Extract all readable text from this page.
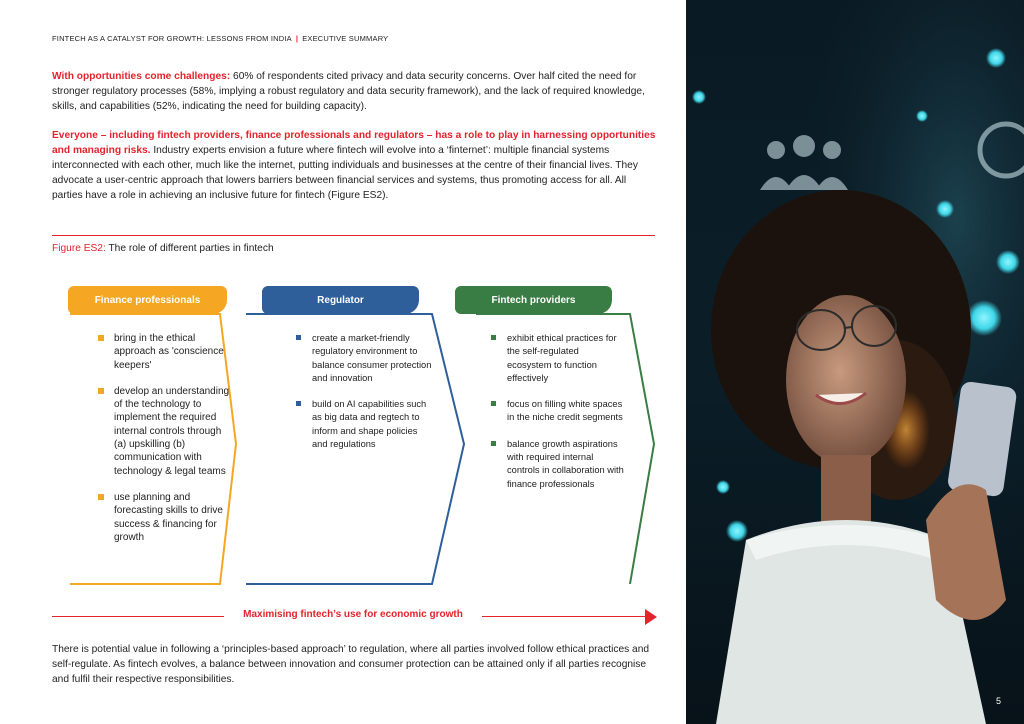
FINTECH AS A CATALYST FOR GROWTH: LESSONS FROM INDIA | EXECUTIVE SUMMARY
With opportunities come challenges: 60% of respondents cited privacy and data security concerns. Over half cited the need for stronger regulatory processes (58%, implying a robust regulatory and data security framework), and the lack of required knowledge, skills, and capabilities (52%, indicating the need for building capacity).
Everyone – including fintech providers, finance professionals and regulators – has a role to play in harnessing opportunities and managing risks. Industry experts envision a future where fintech will evolve into a ‘finternet’: multiple financial systems interconnected with each other, much like the internet, putting individuals and businesses at the centre of their financial lives. They advocate a user-centric approach that lowers barriers between financial services and systems, thus promoting access for all. All parties have a role in achieving an inclusive future for fintech (Figure ES2).
Figure ES2: The role of different parties in fintech
Finance professionals	Regulator	Fintech providers
bring in the ethical approach as 'conscience keepers'
develop an understanding of the technology to implement the required internal controls through (a) upskilling (b) communication with technology & legal teams
use planning and forecasting skills to drive success & financing for growth
create a market-friendly regulatory environment to balance consumer protection and innovation
build on AI capabilities such as big data and regtech to inform and shape policies and regulations
exhibit ethical practices for the self-regulated ecosystem to function effectively
focus on filling white spaces in the niche credit segments
balance growth aspirations with required internal controls in collaboration with finance professionals
Maximising fintech’s use for economic growth
There is potential value in following a ‘principles-based approach’ to regulation, where all parties involved follow ethical practices and self-regulate. As fintech evolves, a balance between innovation and consumer protection can be attained only if all parties recognise and fulfil their respective responsibilities.
5
